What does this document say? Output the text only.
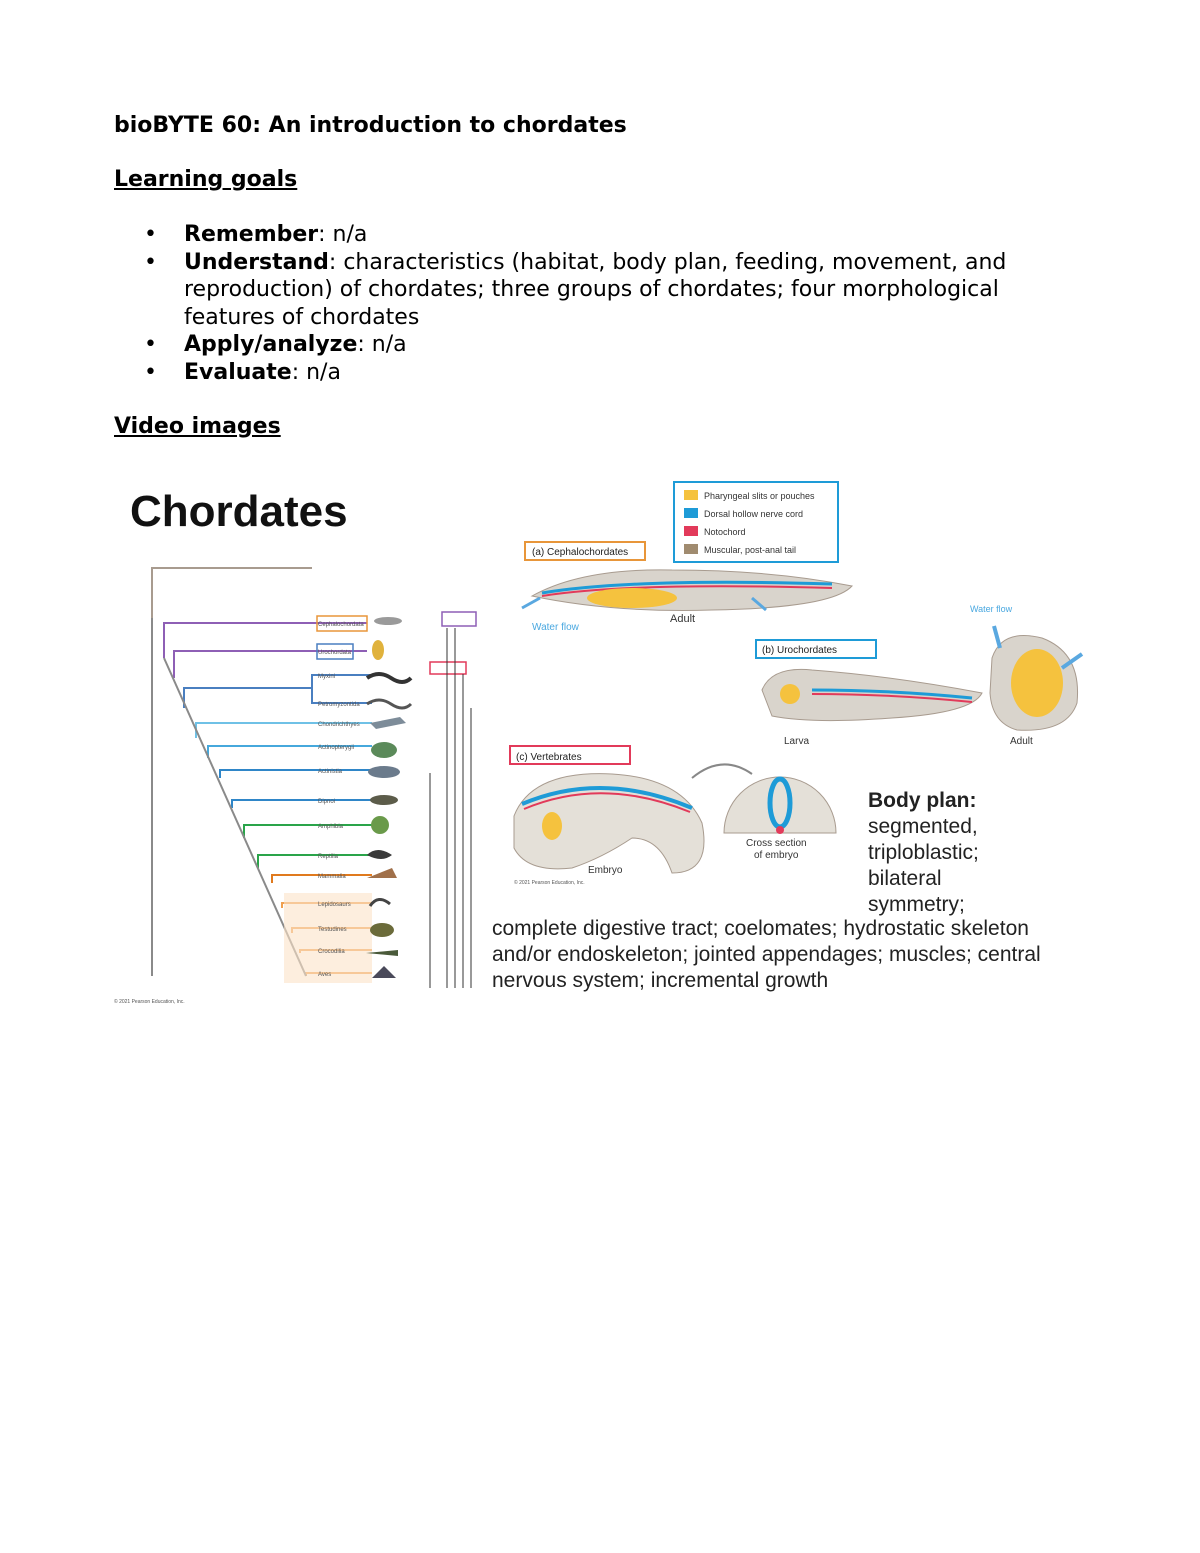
bioBYTE 60: An introduction to chordates
Learning goals
• Remember: n/a
• Understand: characteristics (habitat, body plan, feeding, movement, and reproduction) of chordates; three groups of chordates; four morphological features of chordates
• Apply/analyze: n/a
• Evaluate: n/a
Video images
Chordates
Cephalochordata
Urochordata
Myxini
Petromyzontida
Chondrichthyes
Actinopterygii
Actinistia
Dipnoi
Amphibia
Reptilia
Mammalia
Lepidosaurs
Testudines
Crocodilia
Aves
© 2021 Pearson Education, Inc.
Pharyngeal slits or pouches
Dorsal hollow nerve cord
Notochord
Muscular, post-anal tail
(a) Cephalochordates
Water flow
Adult
(b) Urochordates
Larva
Water flow
Adult
(c) Vertebrates
Cross section
of embryo
Embryo
© 2021 Pearson Education, Inc.
Body plan:
segmented,
triploblastic;
bilateral
symmetry;
complete digestive tract; coelomates; hydrostatic skeleton and/or endoskeleton; jointed appendages; muscles; central nervous system; incremental growth
